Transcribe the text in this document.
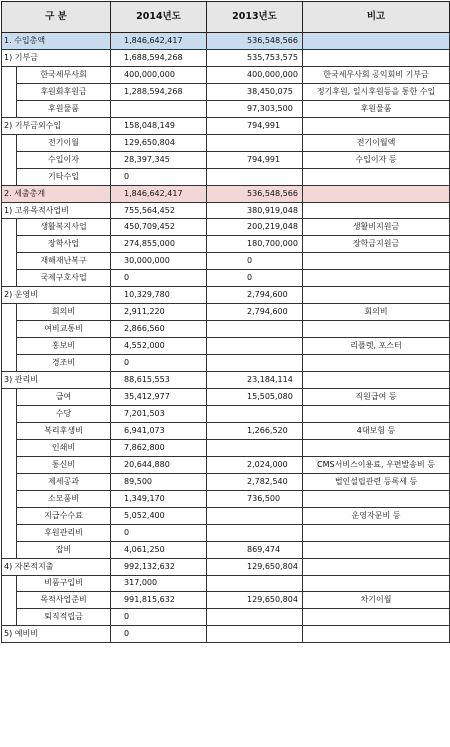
구 분		2014년도	2013년도	비고
1. 수입총액		1,846,642,417	536,548,566	
1) 기부금		1,688,594,268	535,753,575	
	한국세무사회	400,000,000	400,000,000	한국세무사회 공익회비 기부금
	후원회후원금	1,288,594,268	38,450,075	정기후원, 일시후원등을 통한 수입
	후원물품		97,303,500	후원물품
2) 기부금외수입		158,048,149	794,991	
	전기이월	129,650,804		전기이월액
	수입이자	28,397,345	794,991	수입이자 등
	기타수입	0		
2. 세출총계		1,846,642,417	536,548,566	
1) 고유목적사업비		755,564,452	380,919,048	
	생활복지사업	450,709,452	200,219,048	생활비지원금
	장학사업	274,855,000	180,700,000	장학금지원금
	재해재난복구	30,000,000	0	
	국제구호사업	0	0	
2) 운영비		10,329,780	2,794,600	
	회의비	2,911,220	2,794,600	회의비
	여비교통비	2,866,560		
	홍보비	4,552,000		리플렛, 포스터
	경조비	0		
3) 관리비		88,615,553	23,184,114	
	급여	35,412,977	15,505,080	직원급여 등
	수당	7,201,503		
	복리후생비	6,941,073	1,266,520	4대보험 등
	인쇄비	7,862,800		
	통신비	20,644,880	2,024,000	CMS서비스이용료, 우편발송비 등
	제세공과	89,500	2,782,540	법인설립관련 등록세 등
	소모품비	1,349,170	736,500	
	지급수수료	5,052,400		운영자문비 등
	후원관리비	0		
	잡비	4,061,250	869,474	
4) 자본적지출		992,132,632	129,650,804	
	비품구입비	317,000		
	목적사업준비	991,815,632	129,650,804	차기이월
	퇴직적립금	0		
5) 예비비		0		
